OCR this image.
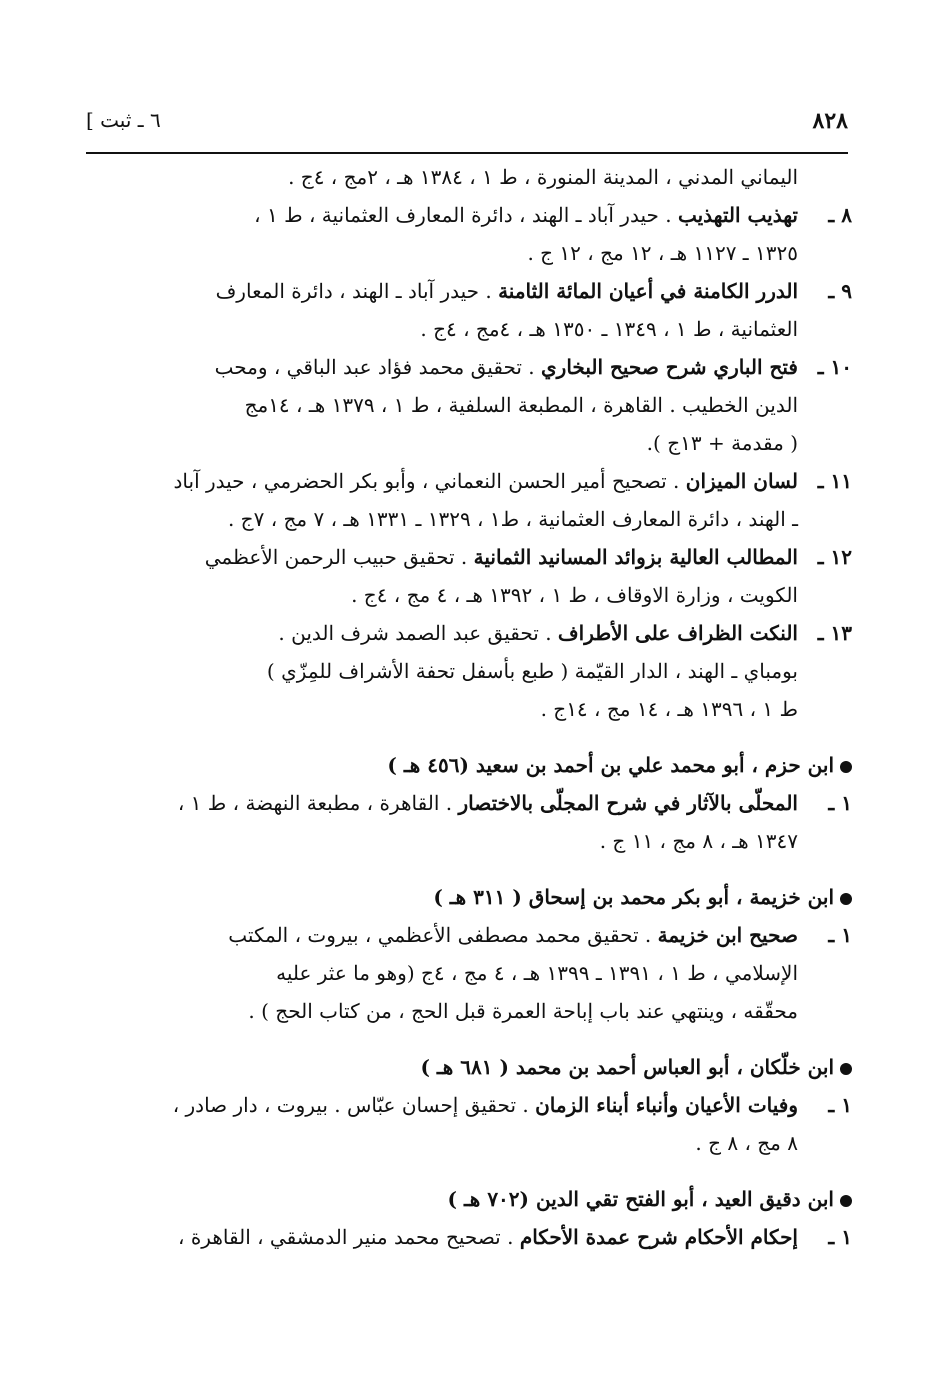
٨٢٨
[ ٦ ـ ثبت
اليماني المدني ، المدينة المنورة ، ط ١ ، ١٣٨٤ هـ ، ٢مج ، ٤ج .
٨ ـتهذيب التهذيب . حيدر آباد ـ الهند ، دائرة المعارف العثمانية ، ط ١ ،
١٣٢٥ ـ ١١٢٧ هـ ، ١٢ مج ، ١٢ ج .
٩ ـالدرر الكامنة في أعيان المائة الثامنة . حيدر آباد ـ الهند ، دائرة المعارف
العثمانية ، ط ١ ، ١٣٤٩ ـ ١٣٥٠ هـ ، ٤مج ، ٤ج .
١٠ ـفتح الباري شرح صحيح البخاري . تحقيق محمد فؤاد عبد الباقي ، ومحب
الدين الخطيب . القاهرة ، المطبعة السلفية ، ط ١ ، ١٣٧٩ هـ ، ١٤مج
( مقدمة + ١٣ج ).
١١ ـلسان الميزان . تصحيح أمير الحسن النعماني ، وأبو بكر الحضرمي ، حيدر آباد
ـ الهند ، دائرة المعارف العثمانية ، ط١ ، ١٣٢٩ ـ ١٣٣١ هـ ، ٧ مج ، ٧ج .
١٢ ـالمطالب العالية بزوائد المسانيد الثمانية . تحقيق حبيب الرحمن الأعظمي
الكويت ، وزارة الاوقاف ، ط ١ ، ١٣٩٢ هـ ، ٤ مج ، ٤ج .
١٣ ـالنكت الظراف على الأطراف . تحقيق عبد الصمد شرف الدين .
بومباي ـ الهند ، الدار القيّمة ( طبع بأسفل تحفة الأشراف للمِزّي )
ط ١ ، ١٣٩٦ هـ ، ١٤ مج ، ١٤ج .
ابن حزم ، أبو محمد علي بن أحمد بن سعيد (٤٥٦ هـ )
١ ـالمحلّى بالآثار في شرح المجلّى بالاختصار . القاهرة ، مطبعة النهضة ، ط ١ ،
١٣٤٧ هـ ، ٨ مج ، ١١ ج .
ابن خزيمة ، أبو بكر محمد بن إسحاق ( ٣١١ هـ )
١ ـصحيح ابن خزيمة . تحقيق محمد مصطفى الأعظمي ، بيروت ، المكتب
الإسلامي ، ط ١ ، ١٣٩١ ـ ١٣٩٩ هـ ، ٤ مج ، ٤ج (وهو ما عثر عليه
محقّقه ، وينتهي عند باب إباحة العمرة قبل الحج ، من كتاب الحج ) .
ابن خلّكان ، أبو العباس أحمد بن محمد ( ٦٨١ هـ )
١ ـوفيات الأعيان وأنباء أبناء الزمان . تحقيق إحسان عبّاس . بيروت ، دار صادر ،
٨ مج ، ٨ ج .
ابن دقيق العيد ، أبو الفتح تقي الدين (٧٠٢ هـ )
١ ـإحكام الأحكام شرح عمدة الأحكام . تصحيح محمد منير الدمشقي ، القاهرة ،
